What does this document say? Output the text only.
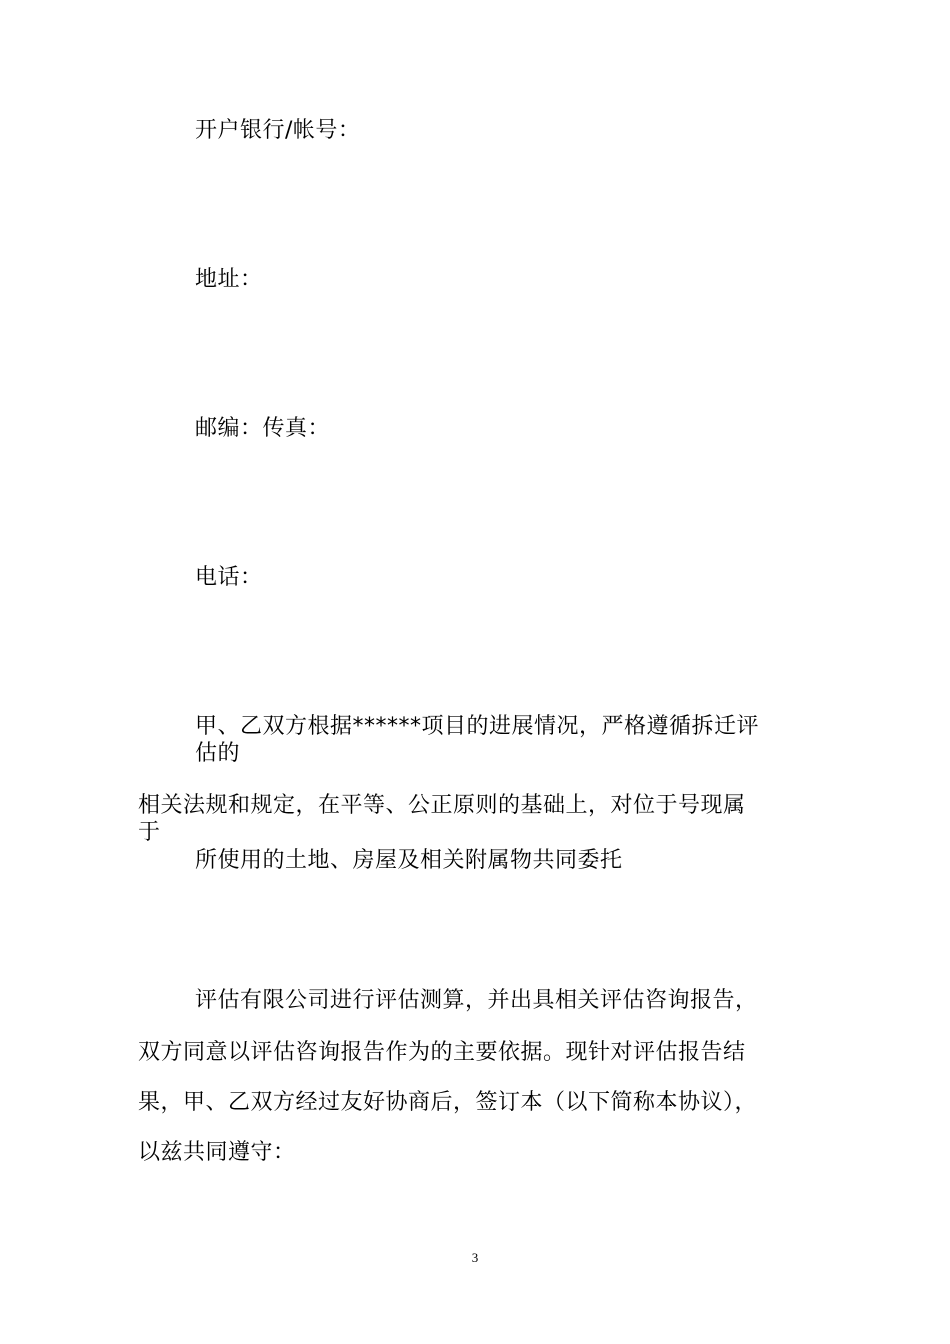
开户银行/帐号：
地址：
邮编：传真：
电话：
甲、乙双方根据******项目的进展情况，严格遵循拆迁评
估的
相关法规和规定，在平等、公正原则的基础上，对位于号现属
于
所使用的土地、房屋及相关附属物共同委托
评估有限公司进行评估测算，并出具相关评估咨询报告，
双方同意以评估咨询报告作为的主要依据。现针对评估报告结
果，甲、乙双方经过友好协商后，签订本（以下简称本协议），
以兹共同遵守：
3
